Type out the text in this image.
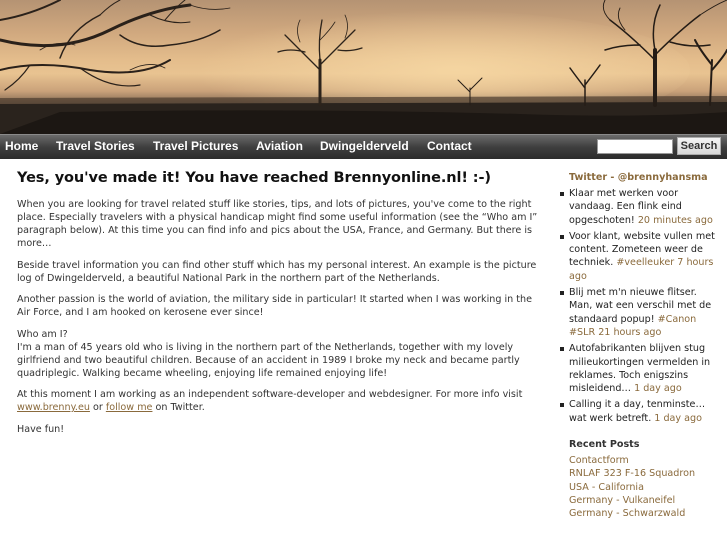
Home Travel Stories Travel Pictures Aviation Dwingelderveld Contact	Search
Yes, you've made it! You have reached Brennyonline.nl! :-)

When you are looking for travel related stuff like stories, tips, and lots of pictures, you've come to the right place. Especially travelers with a physical handicap might find some useful information (see the “Who am I” paragraph below). At this time you can find info and pics about the USA, France, and Germany. But there is more…

Beside travel information you can find other stuff which has my personal interest. An example is the picture log of Dwingelderveld, a beautiful National Park in the northern part of the Netherlands.

Another passion is the world of aviation, the military side in particular! It started when I was working in the Air Force, and I am hooked on kerosene ever since!

Who am I?
I'm a man of 45 years old who is living in the northern part of the Netherlands, together with my lovely girlfriend and two beautiful children. Because of an accident in 1989 I broke my neck and became partly quadriplegic. Walking became wheeling, enjoying life remained enjoying life!

At this moment I am working as an independent software-developer and webdesigner. For more info visit www.brenny.eu or follow me on Twitter.

Have fun!

Twitter - @brennyhansma
Klaar met werken voor vandaag. Een flink eind opgeschoten! 20 minutes ago
Voor klant, website vullen met content. Zometeen weer de techniek. #veelleuker 7 hours ago
Blij met m'n nieuwe flitser. Man, wat een verschil met de standaard popup! #Canon #SLR 21 hours ago
Autofabrikanten blijven stug milieukortingen vermelden in reklames. Toch enigszins misleidend… 1 day ago
Calling it a day, tenminste… wat werk betreft. 1 day ago
Recent Posts
Contactform
RNLAF 323 F-16 Squadron
USA - California
Germany - Vulkaneifel
Germany - Schwarzwald
